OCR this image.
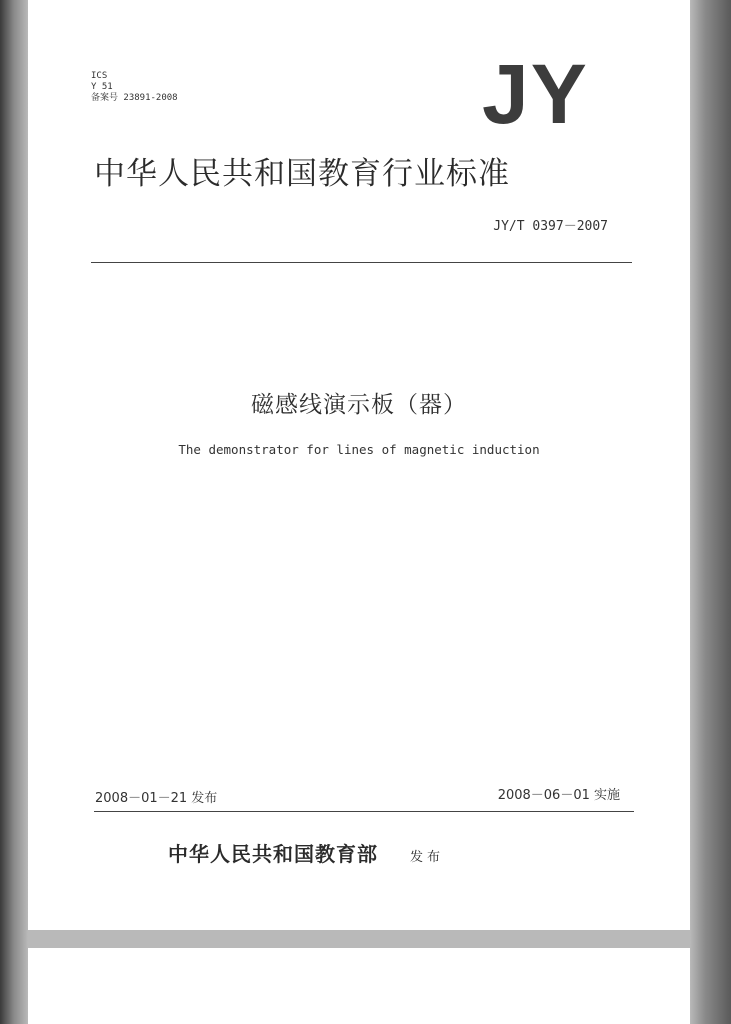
ICS
Y 51
备案号 23891-2008	JY
中华人民共和国教育行业标准
JY/T 0397－2007
磁感线演示板（器）
The demonstrator for lines of magnetic induction
2008－01－21 发布	2008－06－01 实施
中华人民共和国教育部 发布
